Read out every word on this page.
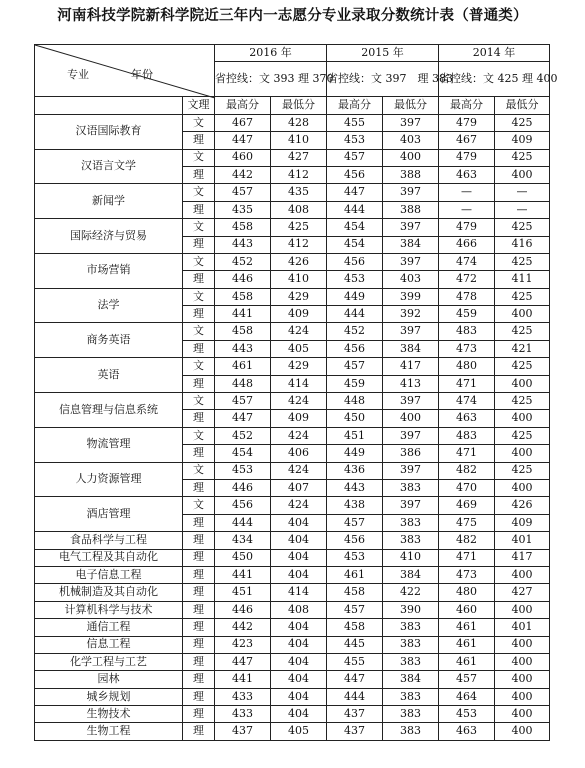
河南科技学院新科学院近三年内一志愿分专业录取分数统计表（普通类）
专业 年份		2016 年		2015 年		2014 年	
		省控线：文 393 理 370		省控线：文 397　理 383		省控线：文 425 理 400	
	文理	最高分	最低分	最高分	最低分	最高分	最低分
汉语国际教育	文	467	428	455	397	479	425
	理	447	410	453	403	467	409
汉语言文学	文	460	427	457	400	479	425
	理	442	412	456	388	463	400
新闻学	文	457	435	447	397	—	—
	理	435	408	444	388	—	—
国际经济与贸易	文	458	425	454	397	479	425
	理	443	412	454	384	466	416
市场营销	文	452	426	456	397	474	425
	理	446	410	453	403	472	411
法学	文	458	429	449	399	478	425
	理	441	409	444	392	459	400
商务英语	文	458	424	452	397	483	425
	理	443	405	456	384	473	421
英语	文	461	429	457	417	480	425
	理	448	414	459	413	471	400
信息管理与信息系统	文	457	424	448	397	474	425
	理	447	409	450	400	463	400
物流管理	文	452	424	451	397	483	425
	理	454	406	449	386	471	400
人力资源管理	文	453	424	436	397	482	425
	理	446	407	443	383	470	400
酒店管理	文	456	424	438	397	469	426
	理	444	404	457	383	475	409
食品科学与工程	理	434	404	456	383	482	401
电气工程及其自动化	理	450	404	453	410	471	417
电子信息工程	理	441	404	461	384	473	400
机械制造及其自动化	理	451	414	458	422	480	427
计算机科学与技术	理	446	408	457	390	460	400
通信工程	理	442	404	458	383	461	401
信息工程	理	423	404	445	383	461	400
化学工程与工艺	理	447	404	455	383	461	400
园林	理	441	404	447	384	457	400
城乡规划	理	433	404	444	383	464	400
生物技术	理	433	404	437	383	453	400
生物工程	理	437	405	437	383	463	400
